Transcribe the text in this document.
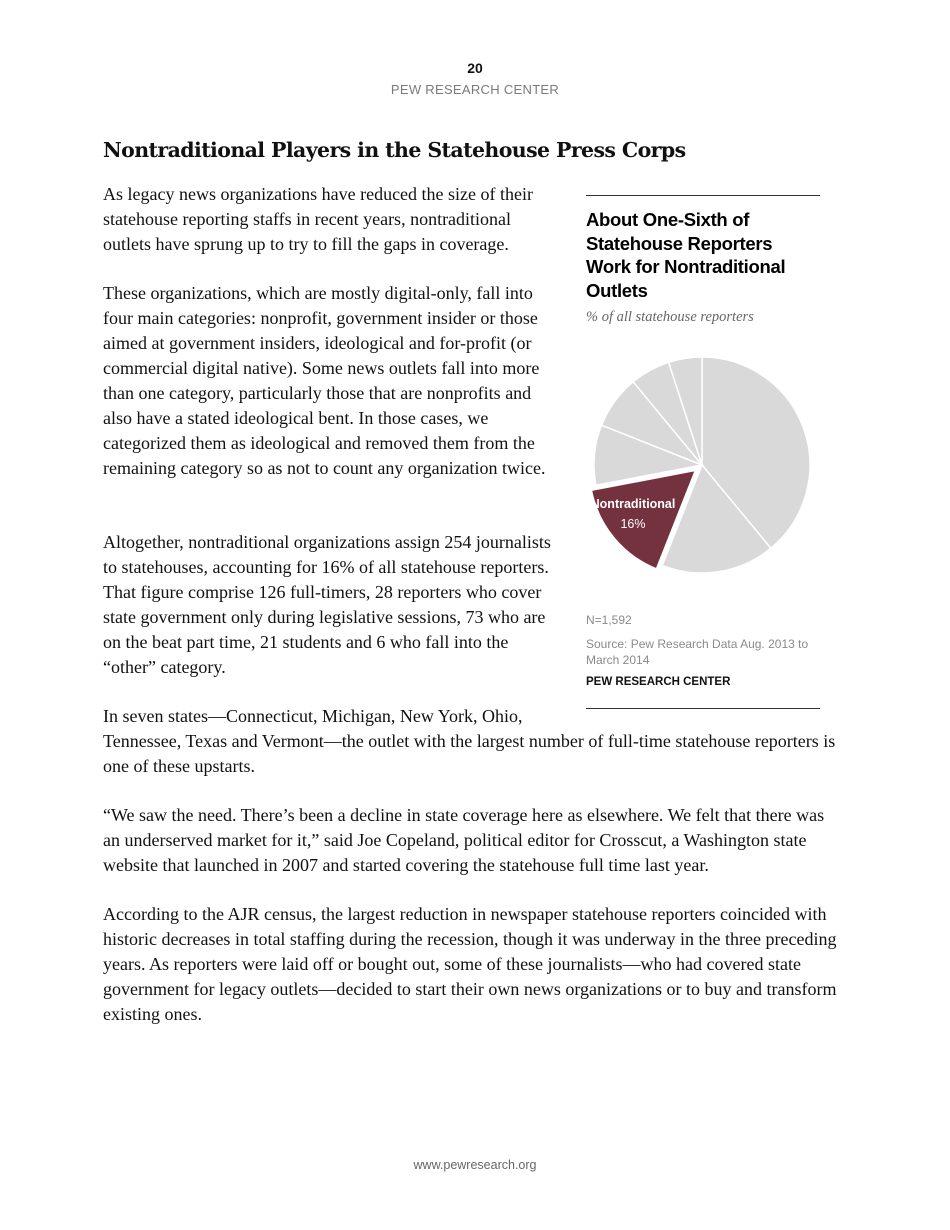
20
PEW RESEARCH CENTER
Nontraditional Players in the Statehouse Press Corps

As legacy news organizations have reduced the size of their statehouse reporting staffs in recent years, nontraditional outlets have sprung up to try to fill the gaps in coverage.

These organizations, which are mostly digital-only, fall into four main categories: nonprofit, government insider or those aimed at government insiders, ideological and for-profit (or commercial digital native). Some news outlets fall into more than one category, particularly those that are nonprofits and also have a stated ideological bent. In those cases, we categorized them as ideological and removed them from the remaining category so as not to count any organization twice.

Altogether, nontraditional organizations assign 254 journalists to statehouses, accounting for 16% of all statehouse reporters. That figure comprise 126 full-timers, 28 reporters who cover state government only during legislative sessions, 73 who are on the beat part time, 21 students and 6 who fall into the “other” category.

In seven states—Connecticut, Michigan, New York, Ohio,

Tennessee, Texas and Vermont—the outlet with the largest number of full-time statehouse reporters is one of these upstarts.

“We saw the need. There’s been a decline in state coverage here as elsewhere. We felt that there was an underserved market for it,” said Joe Copeland, political editor for Crosscut, a Washington state website that launched in 2007 and started covering the statehouse full time last year.

According to the AJR census, the largest reduction in newspaper statehouse reporters coincided with historic decreases in total staffing during the recession, though it was underway in the three preceding years. As reporters were laid off or bought out, some of these journalists—who had covered state government for legacy outlets—decided to start their own news organizations or to buy and transform existing ones.

About One-Sixth of Statehouse Reporters Work for Nontraditional Outlets
% of all statehouse reporters
Nontraditional
16%
N=1,592
Source: Pew Research Data Aug. 2013 to March 2014
PEW RESEARCH CENTER
www.pewresearch.org
